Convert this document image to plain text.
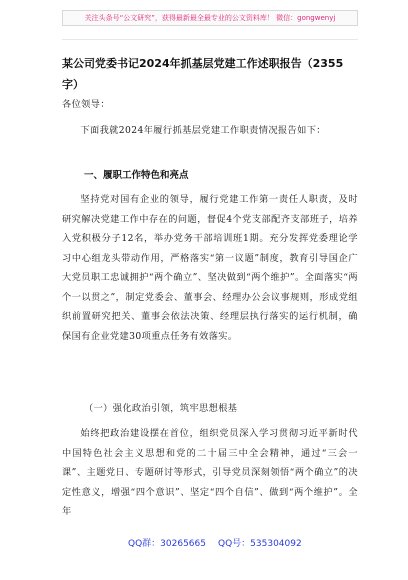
关注头条号“公文研究”，获得最新最全最专业的公文资料库！ 微信：gongwenyj
某公司党委书记2024年抓基层党建工作述职报告（2355字）
各位领导：
下面我就2024年履行抓基层党建工作职责情况报告如下：
一、履职工作特色和亮点
坚持党对国有企业的领导，履行党建工作第一责任人职责，及时研究解决党建工作中存在的问题，督促4个党支部配齐支部班子，培养入党积极分子12名，举办党务干部培训班1期。充分发挥党委理论学习中心组龙头带动作用，严格落实“第一议题”制度，教育引导国企广大党员职工忠诚拥护“两个确立”、坚决做到“两个维护”。全面落实“两个一以贯之”，制定党委会、董事会、经理办公会议事规则，形成党组织前置研究把关、董事会依法决策、经理层执行落实的运行机制，确保国有企业党建30项重点任务有效落实。
（一）强化政治引领，筑牢思想根基
始终把政治建设摆在首位，组织党员深入学习贯彻习近平新时代中国特色社会主义思想和党的二十届三中全会精神，通过“三会一课”、主题党日、专题研讨等形式，引导党员深刻领悟“两个确立”的决定性意义，增强“四个意识”、坚定“四个自信”、做到“两个维护”。全年
QQ群：30265665 QQ号：535304092
